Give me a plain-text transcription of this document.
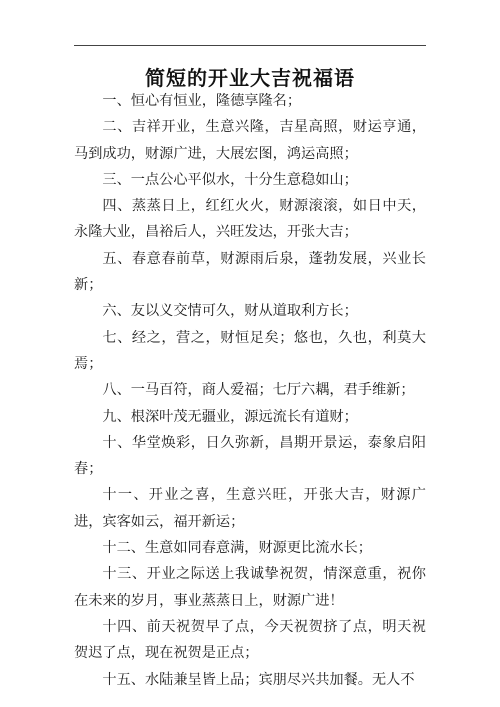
简短的开业大吉祝福语

一、恒心有恒业，隆德享隆名；

二、吉祥开业，生意兴隆，吉星高照，财运亨通，马到成功，财源广进，大展宏图，鸿运高照；

三、一点公心平似水，十分生意稳如山；

四、蒸蒸日上，红红火火，财源滚滚，如日中天，永隆大业，昌裕后人，兴旺发达，开张大吉；

五、春意春前草，财源雨后泉，蓬勃发展，兴业长新；

六、友以义交情可久，财从道取利方长；

七、经之，营之，财恒足矣；悠也，久也，利莫大焉；

八、一马百符，商人爱福；七厅六耦，君手维新；

九、根深叶茂无疆业，源远流长有道财；

十、华堂焕彩，日久弥新，昌期开景运，泰象启阳春；

十一、开业之喜，生意兴旺，开张大吉，财源广进，宾客如云，福开新运；

十二、生意如同春意满，财源更比流水长；

十三、开业之际送上我诚挚祝贺，情深意重，祝你在未来的岁月，事业蒸蒸日上，财源广进！

十四、前天祝贺早了点，今天祝贺挤了点，明天祝贺迟了点，现在祝贺是正点；

十五、水陆兼呈皆上品；宾朋尽兴共加餐。无人不
